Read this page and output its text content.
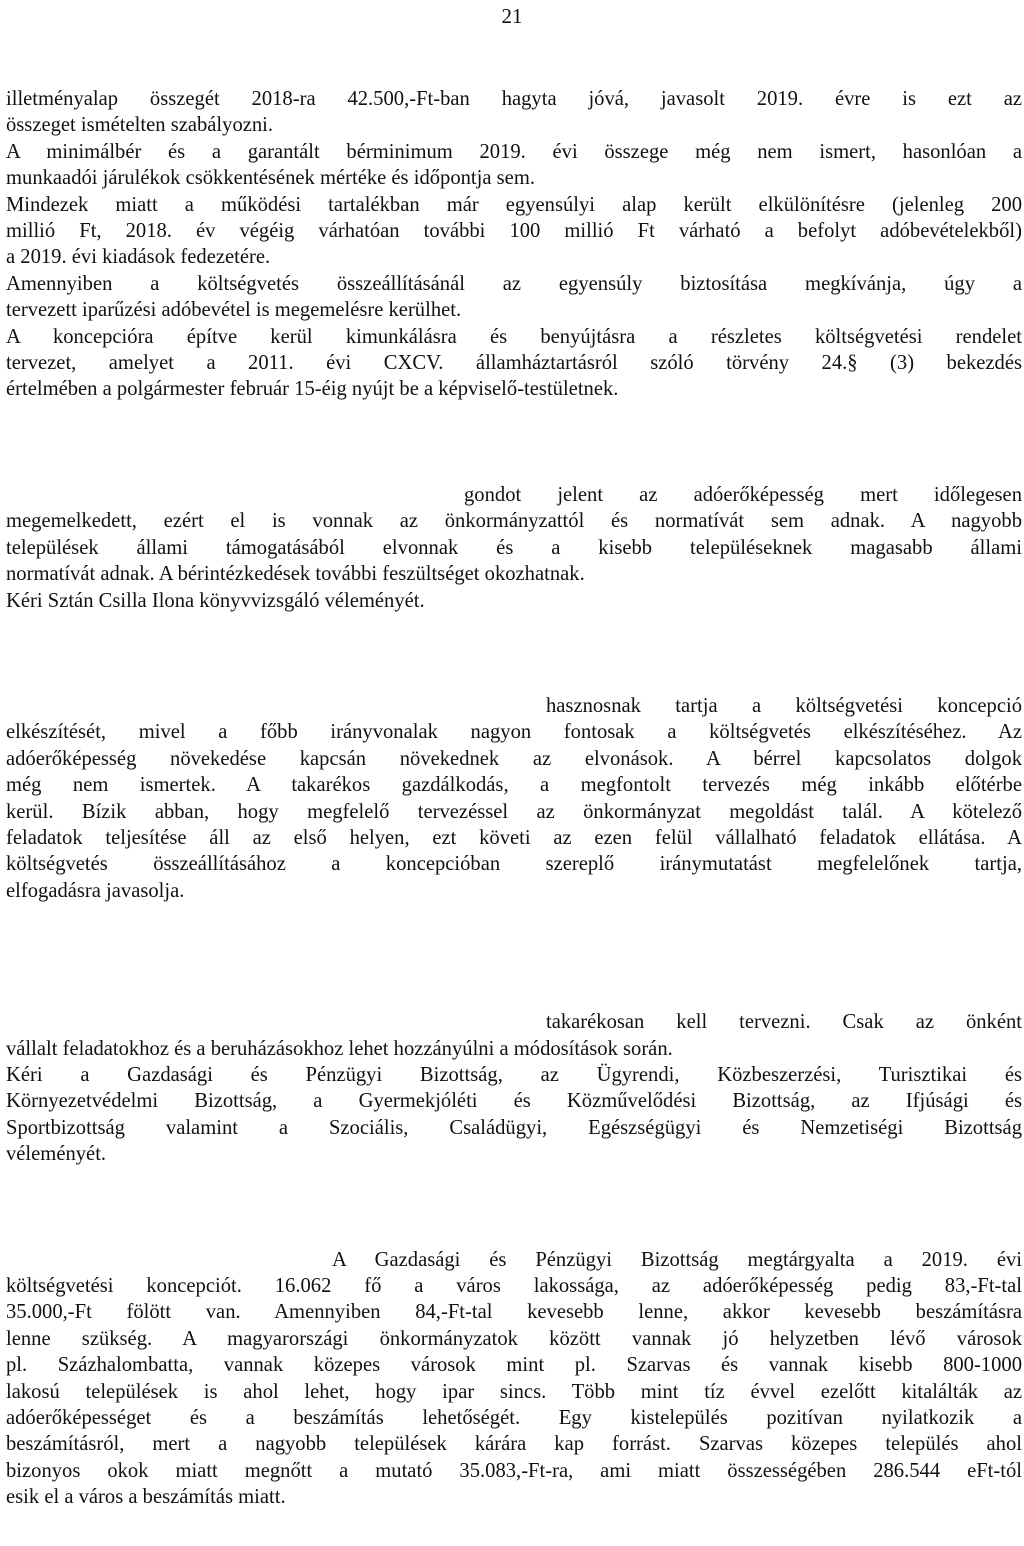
21
illetményalap összegét 2018-ra 42.500,-Ft-ban hagyta jóvá, javasolt 2019. évre is ezt az
összeget ismételten szabályozni.
A minimálbér és a garantált bérminimum 2019. évi összege még nem ismert, hasonlóan a
munkaadói járulékok csökkentésének mértéke és időpontja sem.
Mindezek miatt a működési tartalékban már egyensúlyi alap került elkülönítésre (jelenleg 200
millió Ft, 2018. év végéig várhatóan további 100 millió Ft várható a befolyt adóbevételekből)
a 2019. évi kiadások fedezetére.
Amennyiben a költségvetés összeállításánál az egyensúly biztosítása megkívánja, úgy a
tervezett iparűzési adóbevétel is megemelésre kerülhet.
A koncepcióra építve kerül kimunkálásra és benyújtásra a részletes költségvetési rendelet
tervezet, amelyet a 2011. évi CXCV. államháztartásról szóló törvény 24.§ (3) bekezdés
értelmében a polgármester február 15-éig nyújt be a képviselő-testületnek.
gondot jelent az adóerőképesség mert időlegesen
megemelkedett, ezért el is vonnak az önkormányzattól és normatívát sem adnak. A nagyobb
települések állami támogatásából elvonnak és a kisebb településeknek magasabb állami
normatívát adnak. A bérintézkedések további feszültséget okozhatnak.
Kéri Sztán Csilla Ilona könyvvizsgáló véleményét.
hasznosnak tartja a költségvetési koncepció
elkészítését, mivel a főbb irányvonalak nagyon fontosak a költségvetés elkészítéséhez. Az
adóerőképesség növekedése kapcsán növekednek az elvonások. A bérrel kapcsolatos dolgok
még nem ismertek. A takarékos gazdálkodás, a megfontolt tervezés még inkább előtérbe
kerül. Bízik abban, hogy megfelelő tervezéssel az önkormányzat megoldást talál. A kötelező
feladatok teljesítése áll az első helyen, ezt követi az ezen felül vállalható feladatok ellátása. A
költségvetés összeállításához a koncepcióban szereplő iránymutatást megfelelőnek tartja,
elfogadásra javasolja.
takarékosan kell tervezni. Csak az önként
vállalt feladatokhoz és a beruházásokhoz lehet hozzányúlni a módosítások során.
Kéri a Gazdasági és Pénzügyi Bizottság, az Ügyrendi, Közbeszerzési, Turisztikai és
Környezetvédelmi Bizottság, a Gyermekjóléti és Közművelődési Bizottság, az Ifjúsági és
Sportbizottság valamint a Szociális, Családügyi, Egészségügyi és Nemzetiségi Bizottság
véleményét.
A Gazdasági és Pénzügyi Bizottság megtárgyalta a 2019. évi
költségvetési koncepciót. 16.062 fő a város lakossága, az adóerőképesség pedig 83,-Ft-tal
35.000,-Ft fölött van. Amennyiben 84,-Ft-tal kevesebb lenne, akkor kevesebb beszámításra
lenne szükség. A magyarországi önkormányzatok között vannak jó helyzetben lévő városok
pl. Százhalombatta, vannak közepes városok mint pl. Szarvas és vannak kisebb 800-1000
lakosú települések is ahol lehet, hogy ipar sincs. Több mint tíz évvel ezelőtt kitalálták az
adóerőképességet és a beszámítás lehetőségét. Egy kistelepülés pozitívan nyilatkozik a
beszámításról, mert a nagyobb települések kárára kap forrást. Szarvas közepes település ahol
bizonyos okok miatt megnőtt a mutató 35.083,-Ft-ra, ami miatt összességében 286.544 eFt-tól
esik el a város a beszámítás miatt.
